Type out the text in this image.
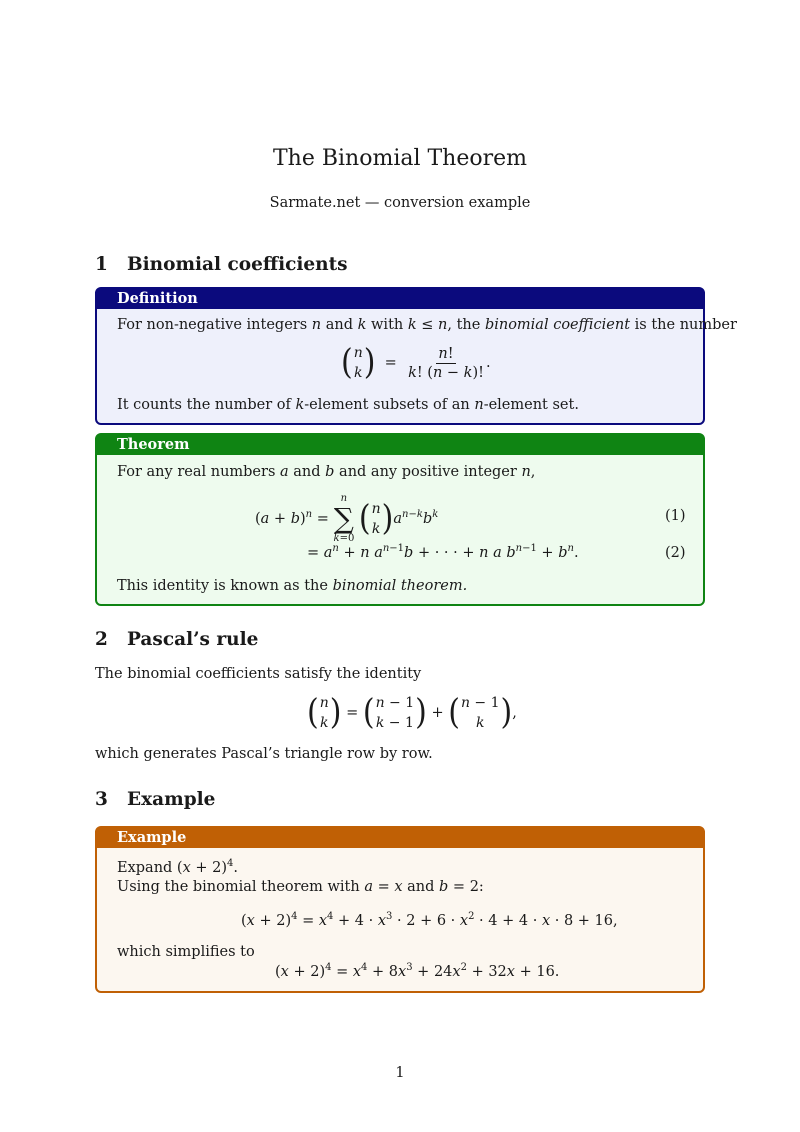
The Binomial Theorem
Sarmate.net — conversion example
1 Binomial coefficients
Definition
For non-negative integers n and k with k ≤ n, the binomial coefficient is the number
( n
k ) = $\frac{n!}{k! (n - k)!}$ .
It counts the number of k-element subsets of an n-element set.
Theorem
For any real numbers a and b and any positive integer n,
$(a + b)^n$ =
n
∑
k=0
( n
k ) $a^{n-k}b^k$	(1)
= $a^n + n$ $a^{n-1}b$ + · · · + n a $b^{n-1} + b^n$.	(2)
This identity is known as the binomial theorem.
2 Pascal’s rule
The binomial coefficients satisfy the identity
( n
k ) = ( n − 1
k − 1 ) + ( n − 1
k ) ,
which generates Pascal’s triangle row by row.
3 Example
Example
Expand $(x + 2)^4$.
Using the binomial theorem with a = x and b = 2:
$(x + 2)^4 = x^4 + 4 \cdot x^3 \cdot 2 + 6 \cdot x^2 \cdot 4 + 4 \cdot x \cdot 8 + 16$,
which simplifies to
$(x + 2)^4 = x^4 + 8x^3 + 24x^2 + 32x + 16$.
1
